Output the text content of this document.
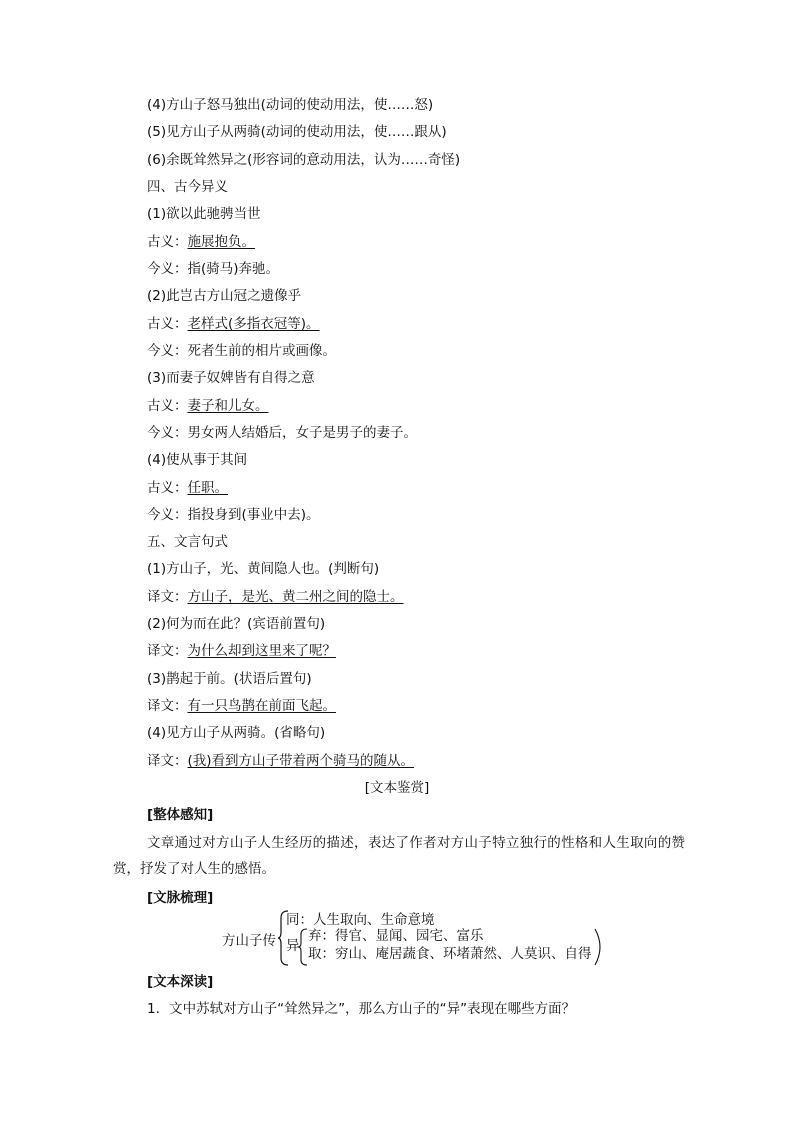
(4)方山子怒马独出(动词的使动用法，使……怒)
(5)见方山子从两骑(动词的使动用法，使……跟从)
(6)余既耸然异之(形容词的意动用法，认为……奇怪)
四、古今异义
(1)欲以此驰骋当世
古义：施展抱负。
今义：指(骑马)奔驰。
(2)此岂古方山冠之遗像乎
古义：老样式(多指衣冠等)。
今义：死者生前的相片或画像。
(3)而妻子奴婢皆有自得之意
古义：妻子和儿女。
今义：男女两人结婚后，女子是男子的妻子。
(4)使从事于其间
古义：任职。
今义：指投身到(事业中去)。
五、文言句式
(1)方山子，光、黄间隐人也。(判断句)
译文：方山子，是光、黄二州之间的隐士。
(2)何为而在此？(宾语前置句)
译文：为什么却到这里来了呢？
(3)鹊起于前。(状语后置句)
译文：有一只鸟鹊在前面飞起。
(4)见方山子从两骑。(省略句)
译文：(我)看到方山子带着两个骑马的随从。
[文本鉴赏]
[整体感知]
文章通过对方山子人生经历的描述，表达了作者对方山子特立独行的性格和人生取向的赞赏，抒发了对人生的感悟。
[文脉梳理]
方山子传
同：人生取向、生命意境
异
弃：得官、显闻、园宅、富乐
取：穷山、庵居蔬食、环堵萧然、人莫识、自得
[文本深读]
1．文中苏轼对方山子“耸然异之”，那么方山子的“异”表现在哪些方面？
